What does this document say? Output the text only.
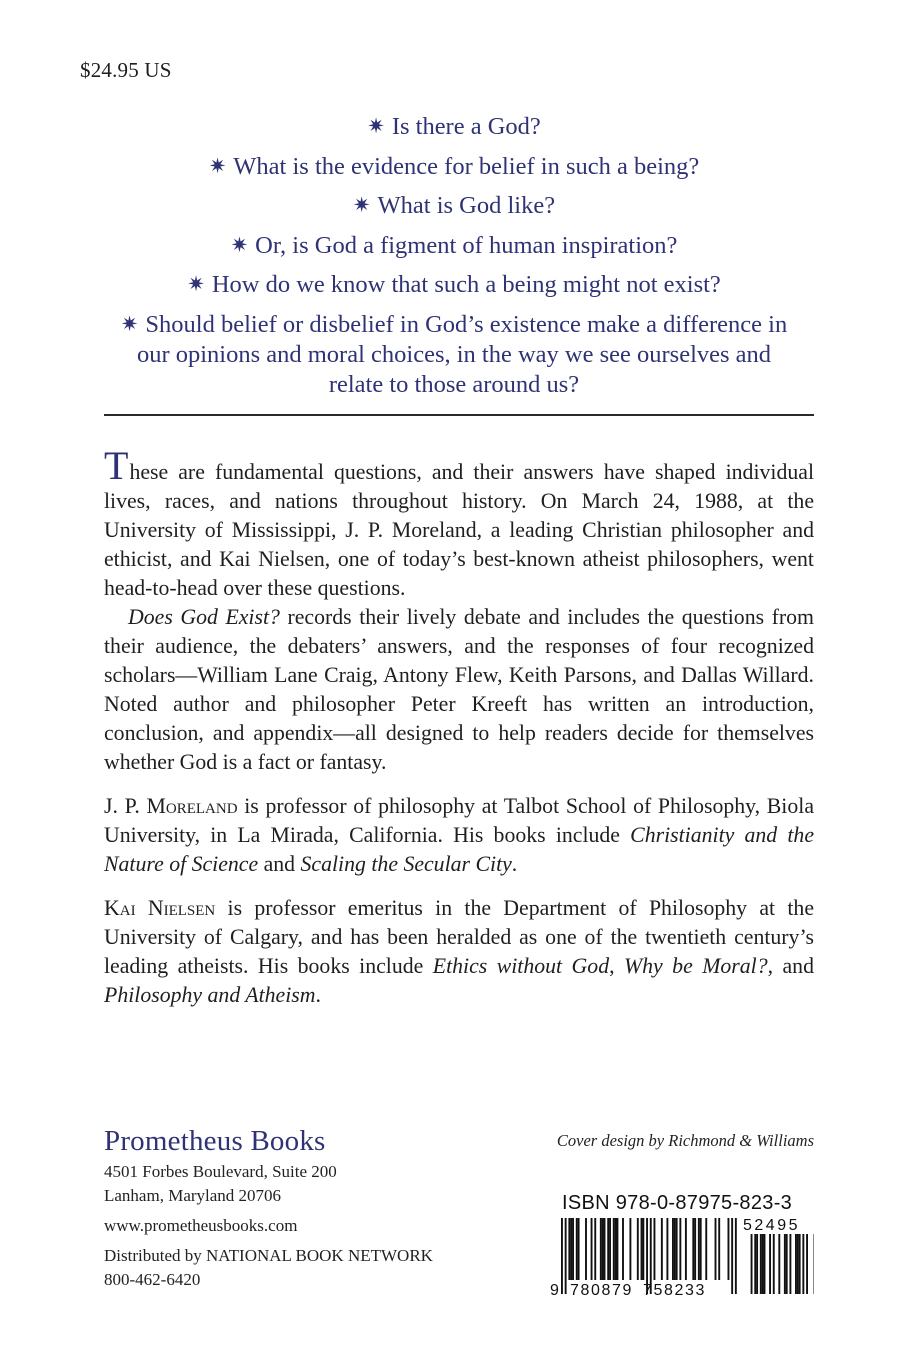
$24.95 US
✷ Is there a God?
✷ What is the evidence for belief in such a being?
✷ What is God like?
✷ Or, is God a figment of human inspiration?
✷ How do we know that such a being might not exist?
✷ Should belief or disbelief in God’s existence make a difference in our opinions and moral choices, in the way we see ourselves and relate to those around us?

These are fundamental questions, and their answers have shaped individual lives, races, and nations throughout history. On March 24, 1988, at the University of Mississippi, J. P. Moreland, a leading Christian philosopher and ethicist, and Kai Nielsen, one of today’s best-known atheist philosophers, went head-to-head over these questions.

Does God Exist? records their lively debate and includes the questions from their audience, the debaters’ answers, and the responses of four recognized scholars—William Lane Craig, Antony Flew, Keith Parsons, and Dallas Willard. Noted author and philosopher Peter Kreeft has written an introduction, conclusion, and appendix—all designed to help readers decide for themselves whether God is a fact or fantasy.

J. P. Moreland is professor of philosophy at Talbot School of Philosophy, Biola University, in La Mirada, California. His books include Christianity and the Nature of Science and Scaling the Secular City.

Kai Nielsen is professor emeritus in the Department of Philosophy at the University of Calgary, and has been heralded as one of the twentieth century’s leading atheists. His books include Ethics without God, Why be Moral?, and Philosophy and Atheism.

Prometheus Books
4501 Forbes Boulevard, Suite 200
Lanham, Maryland 20706
www.prometheusbooks.com
Distributed by NATIONAL BOOK NETWORK
800-462-6420
Cover design by Richmond & Williams
ISBN 978-0-87975-823-3
9 780879 758233
52495
